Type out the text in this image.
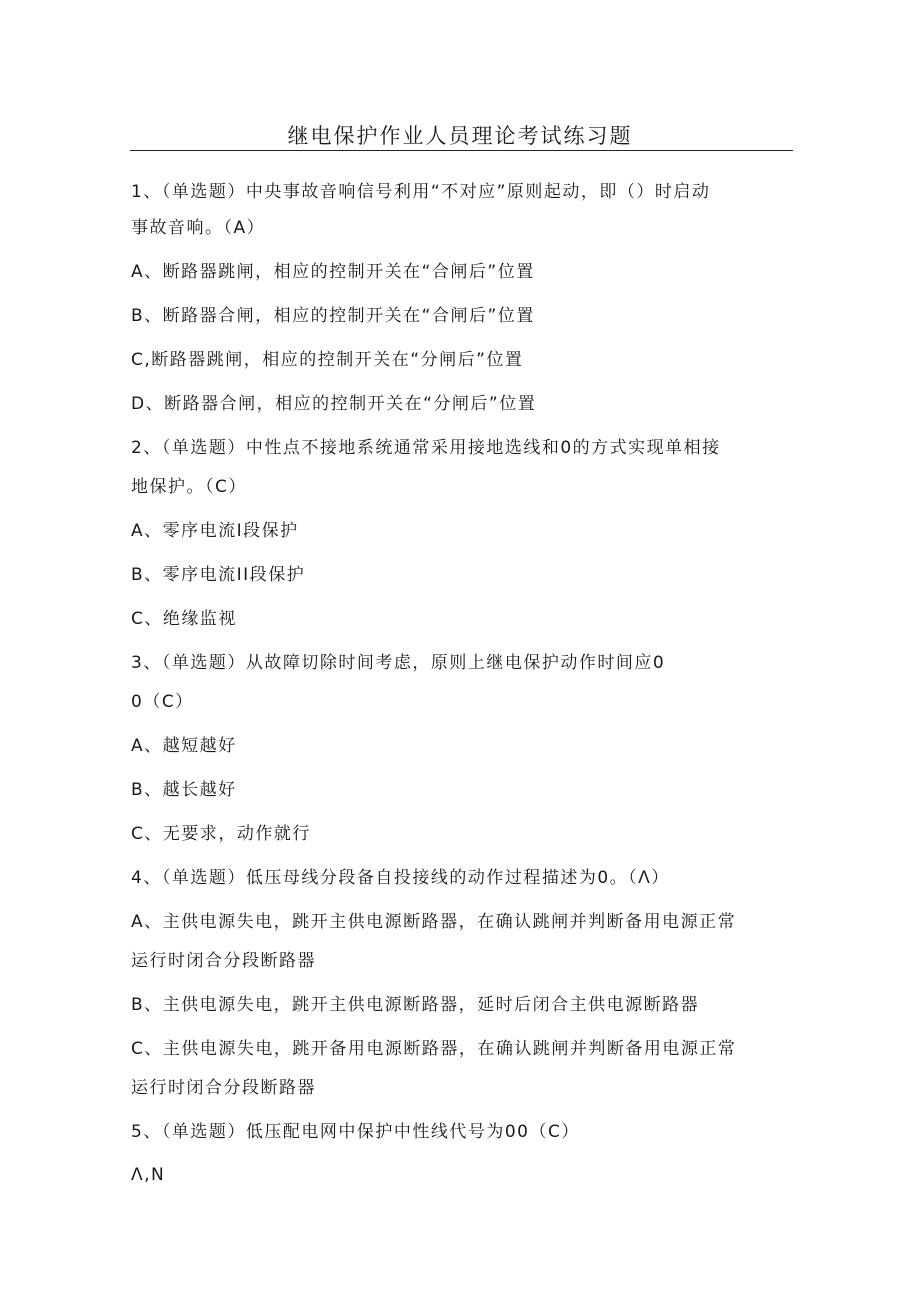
继电保护作业人员理论考试练习题
1、（单选题）中央事故音响信号利用“不对应”原则起动，即（）时启动
事故音响。（A）
A、断路器跳闸，相应的控制开关在“合闸后”位置
B、断路器合闸，相应的控制开关在“合闸后”位置
C,断路器跳闸，相应的控制开关在“分闸后”位置
D、断路器合闸，相应的控制开关在“分闸后”位置
2、（单选题）中性点不接地系统通常采用接地选线和0的方式实现单相接
地保护。（C）
A、零序电流I段保护
B、零序电流II段保护
C、绝缘监视
3、（单选题）从故障切除时间考虑，原则上继电保护动作时间应0
0（C）
A、越短越好
B、越长越好
C、无要求，动作就行
4、（单选题）低压母线分段备自投接线的动作过程描述为0。（Λ）
A、主供电源失电，跳开主供电源断路器，在确认跳闸并判断备用电源正常
运行时闭合分段断路器
B、主供电源失电，跳开主供电源断路器，延时后闭合主供电源断路器
C、主供电源失电，跳开备用电源断路器，在确认跳闸并判断备用电源正常
运行时闭合分段断路器
5、（单选题）低压配电网中保护中性线代号为00（C）
Λ,N
